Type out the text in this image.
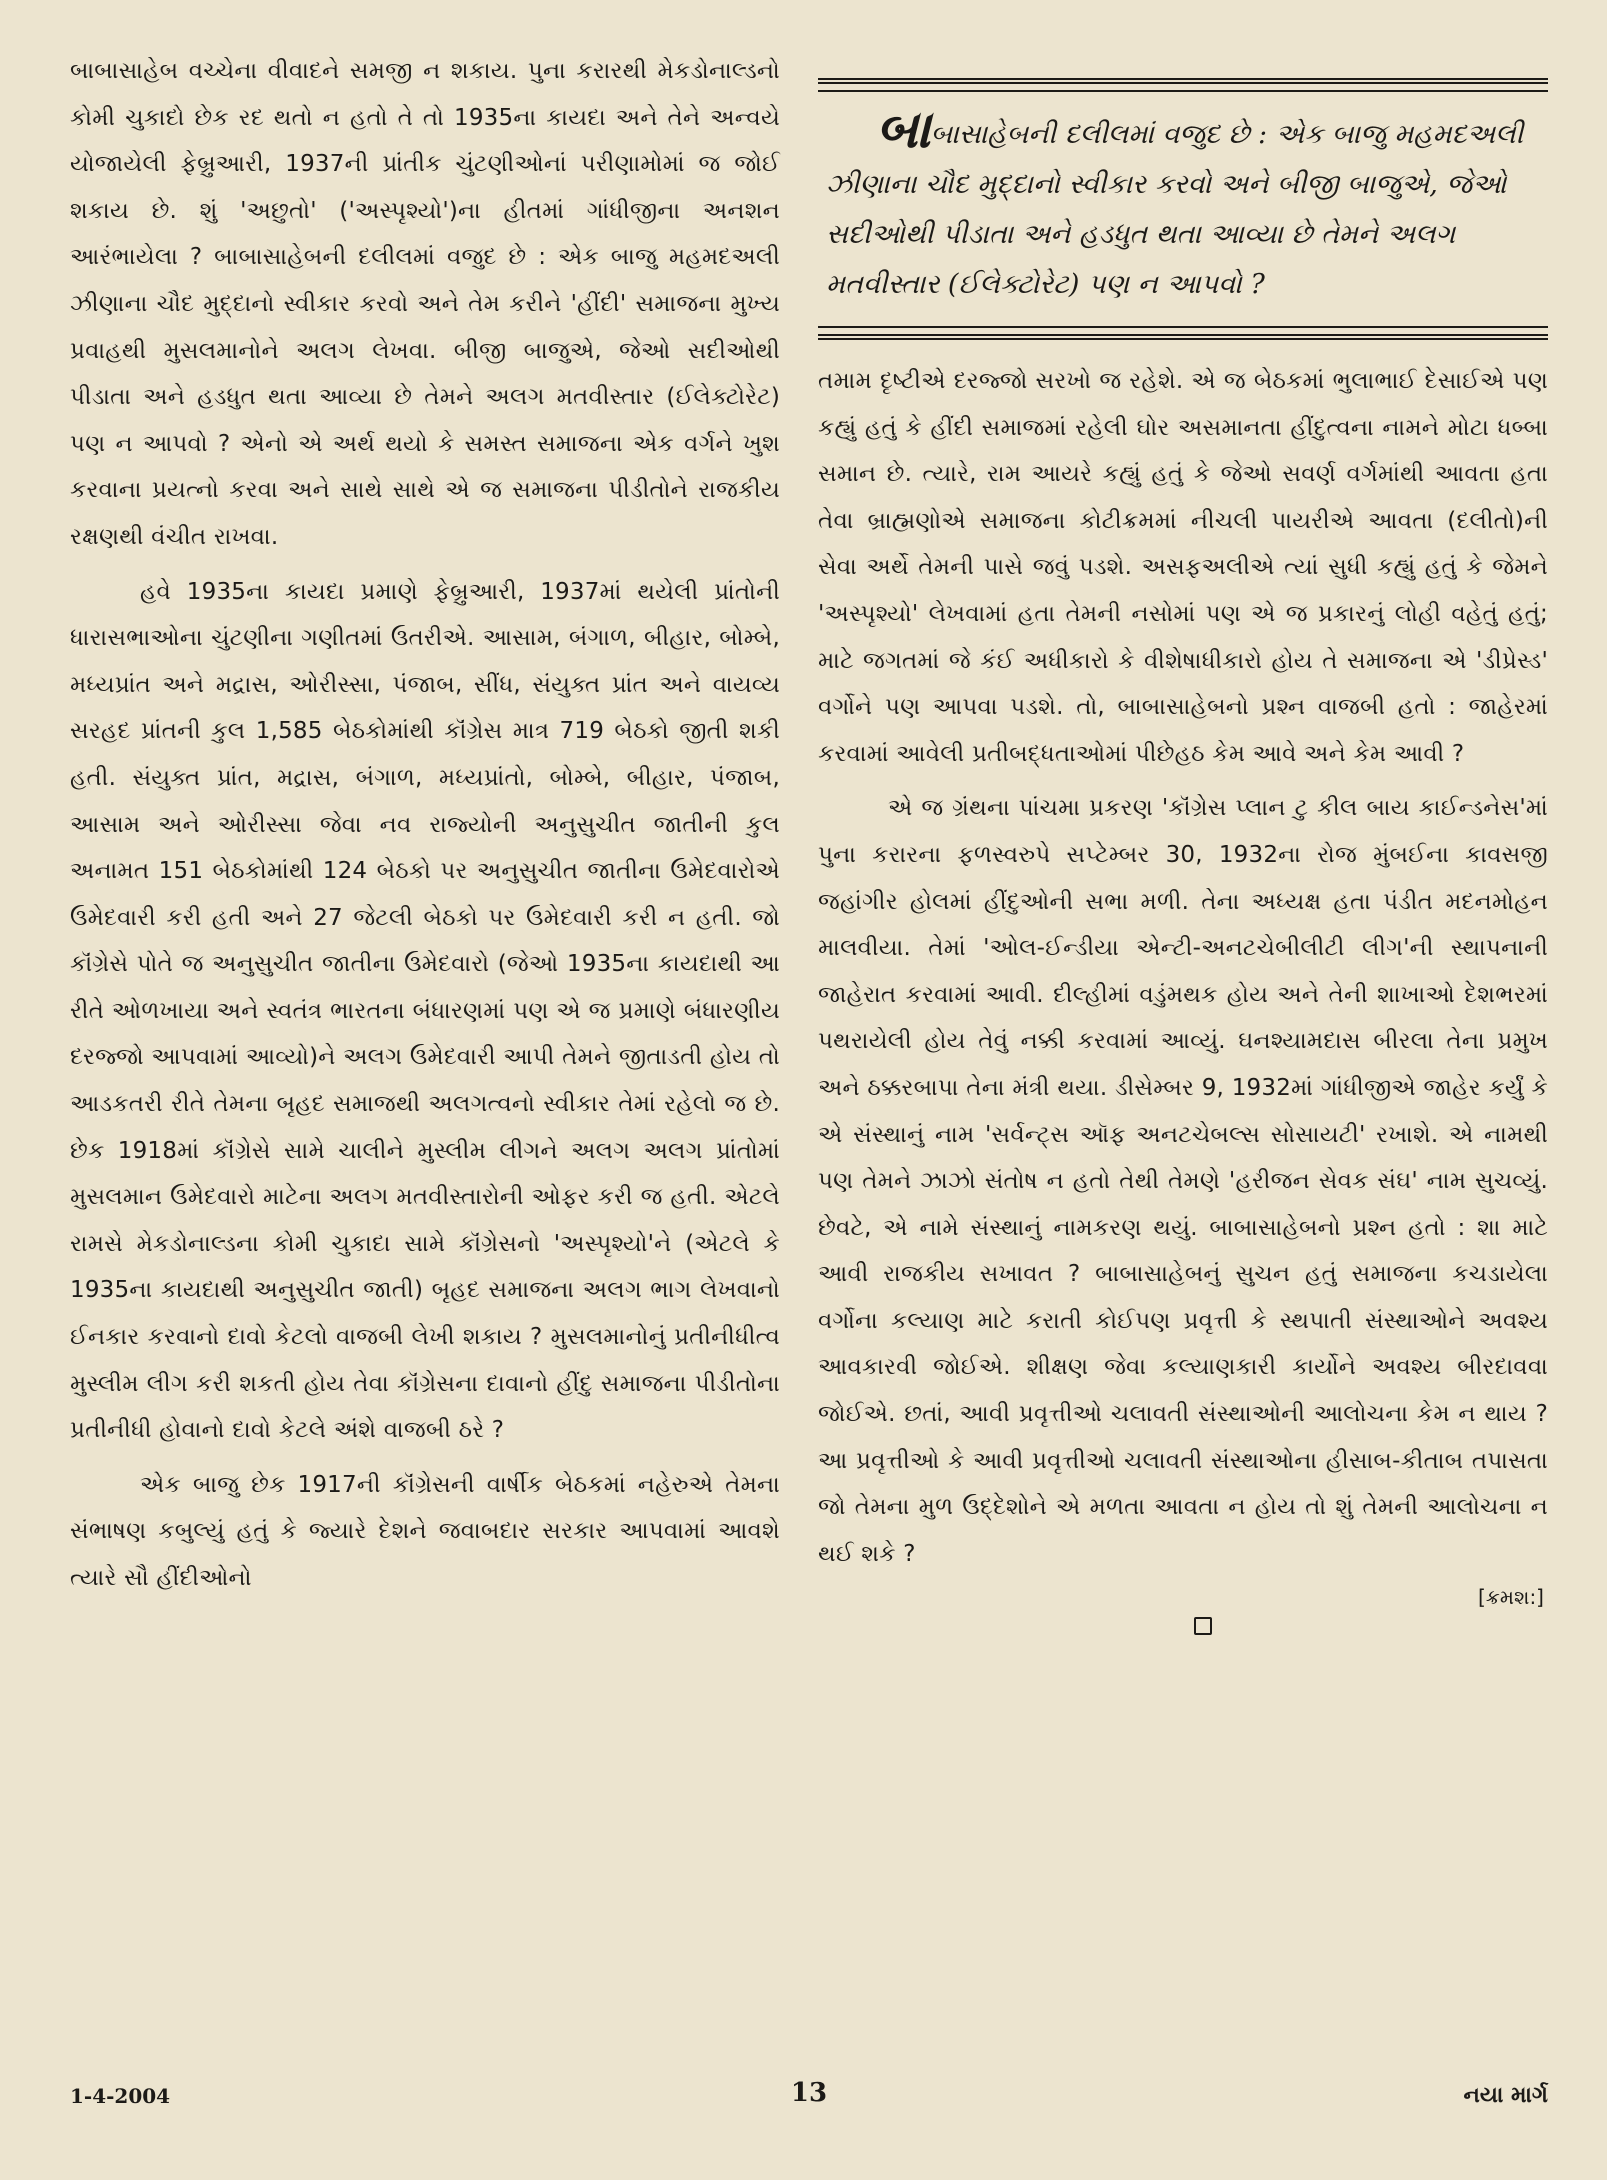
બાબાસાહેબ વચ્ચેના વીવાદને સમજી ન શકાય. પુના કરારથી મેકડોનાલ્ડનો કોમી ચુકાદો છેક રદ થતો ન હતો તે તો 1935ના કાયદા અને તેને અન્વયે યોજાયેલી ફેબ્રુઆરી, 1937ની પ્રાંતીક ચુંટણીઓનાં પરીણામોમાં જ જોઈ શકાય છે. શું 'અછુતો' ('અસ્પૃશ્યો')ના હીતમાં ગાંધીજીના અનશન આરંભાયેલા ? બાબાસાહેબની દલીલમાં વજુદ છે : એક બાજુ મહમદઅલી ઝીણાના ચૌદ મુદ્દાનો સ્વીકાર કરવો અને તેમ કરીને 'હીંદી' સમાજના મુખ્ય પ્રવાહથી મુસલમાનોને અલગ લેખવા. બીજી બાજુએ, જેઓ સદીઓથી પીડાતા અને હડધુત થતા આવ્યા છે તેમને અલગ મતવીસ્તાર (ઈલેક્ટોરેટ) પણ ન આપવો ? એનો એ અર્થ થયો કે સમસ્ત સમાજના એક વર્ગને ખુશ કરવાના પ્રયત્નો કરવા અને સાથે સાથે એ જ સમાજના પીડીતોને રાજકીય રક્ષણથી વંચીત રાખવા.

હવે 1935ના કાયદા પ્રમાણે ફેબ્રુઆરી, 1937માં થયેલી પ્રાંતોની ધારાસભાઓના ચુંટણીના ગણીતમાં ઉતરીએ. આસામ, બંગાળ, બીહાર, બોમ્બે, મધ્યપ્રાંત અને મદ્રાસ, ઓરીસ્સા, પંજાબ, સીંધ, સંયુક્ત પ્રાંત અને વાયવ્ય સરહદ પ્રાંતની કુલ 1,585 બેઠકોમાંથી કૉંગ્રેસ માત્ર 719 બેઠકો જીતી શકી હતી. સંયુક્ત પ્રાંત, મદ્રાસ, બંગાળ, મધ્યપ્રાંતો, બોમ્બે, બીહાર, પંજાબ, આસામ અને ઓરીસ્સા જેવા નવ રાજ્યોની અનુસુચીત જાતીની કુલ અનામત 151 બેઠકોમાંથી 124 બેઠકો પર અનુસુચીત જાતીના ઉમેદવારોએ ઉમેદવારી કરી હતી અને 27 જેટલી બેઠકો પર ઉમેદવારી કરી ન હતી. જો કૉંગ્રેસે પોતે જ અનુસુચીત જાતીના ઉમેદવારો (જેઓ 1935ના કાયદાથી આ રીતે ઓળખાયા અને સ્વતંત્ર ભારતના બંધારણમાં પણ એ જ પ્રમાણે બંધારણીય દરજ્જો આપવામાં આવ્યો)ને અલગ ઉમેદવારી આપી તેમને જીતાડતી હોય તો આડકતરી રીતે તેમના બૃહદ સમાજથી અલગત્વનો સ્વીકાર તેમાં રહેલો જ છે. છેક 1918માં કૉંગ્રેસે સામે ચાલીને મુસ્લીમ લીગને અલગ અલગ પ્રાંતોમાં મુસલમાન ઉમેદવારો માટેના અલગ મતવીસ્તારોની ઓફર કરી જ હતી. એટલે રામસે મેકડોનાલ્ડના કોમી ચુકાદા સામે કૉંગ્રેસનો 'અસ્પૃશ્યો'ને (એટલે કે 1935ના કાયદાથી અનુસુચીત જાતી) બૃહદ સમાજના અલગ ભાગ લેખવાનો ઈનકાર કરવાનો દાવો કેટલો વાજબી લેખી શકાય ? મુસલમાનોનું પ્રતીનીધીત્વ મુસ્લીમ લીગ કરી શકતી હોય તેવા કૉંગ્રેસના દાવાનો હીંદુ સમાજના પીડીતોના પ્રતીનીધી હોવાનો દાવો કેટલે અંશે વાજબી ઠરે ?

એક બાજુ છેક 1917ની કૉંગ્રેસની વાર્ષીક બેઠકમાં નહેરુએ તેમના સંભાષણ કબુલ્યું હતું કે જ્યારે દેશને જવાબદાર સરકાર આપવામાં આવશે ત્યારે સૌ હીંદીઓનો

બાબાસાહેબની દલીલમાં વજુદ છે : એક બાજુ મહમદઅલી ઝીણાના ચૌદ મુદ્દાનો સ્વીકાર કરવો અને બીજી બાજુએ, જેઓ સદીઓથી પીડાતા અને હડધુત થતા આવ્યા છે તેમને અલગ મતવીસ્તાર (ઈલેક્ટોરેટ) પણ ન આપવો ?

તમામ દૃષ્ટીએ દરજ્જો સરખો જ રહેશે. એ જ બેઠકમાં ભુલાભાઈ દેસાઈએ પણ કહ્યું હતું કે હીંદી સમાજમાં રહેલી ઘોર અસમાનતા હીંદુત્વના નામને મોટા ધબ્બા સમાન છે. ત્યારે, રામ આયરે કહ્યું હતું કે જેઓ સવર્ણ વર્ગમાંથી આવતા હતા તેવા બ્રાહ્મણોએ સમાજના કોટીક્રમમાં નીચલી પાયરીએ આવતા (દલીતો)ની સેવા અર્થે તેમની પાસે જવું પડશે. અસફઅલીએ ત્યાં સુધી કહ્યું હતું કે જેમને 'અસ્પૃશ્યો' લેખવામાં હતા તેમની નસોમાં પણ એ જ પ્રકારનું લોહી વહેતું હતું; માટે જગતમાં જે કંઈ અધીકારો કે વીશેષાધીકારો હોય તે સમાજના એ 'ડીપ્રેસ્ડ' વર્ગોને પણ આપવા પડશે. તો, બાબાસાહેબનો પ્રશ્ન વાજબી હતો : જાહેરમાં કરવામાં આવેલી પ્રતીબદ્ધતાઓમાં પીછેહઠ કેમ આવે અને કેમ આવી ?

એ જ ગ્રંથના પાંચમા પ્રકરણ 'કૉંગ્રેસ પ્લાન ટુ કીલ બાય કાઈન્ડનેસ'માં પુના કરારના ફળસ્વરુપે સપ્ટેમ્બર 30, 1932ના રોજ મુંબઈના કાવસજી જહાંગીર હોલમાં હીંદુઓની સભા મળી. તેના અધ્યક્ષ હતા પંડીત મદનમોહન માલવીયા. તેમાં 'ઓલ-ઈન્ડીયા એન્ટી-અનટચેબીલીટી લીગ'ની સ્થાપનાની જાહેરાત કરવામાં આવી. દીલ્હીમાં વડુંમથક હોય અને તેની શાખાઓ દેશભરમાં પથરાયેલી હોય તેવું નક્કી કરવામાં આવ્યું. ઘનશ્યામદાસ બીરલા તેના પ્રમુખ અને ઠક્કરબાપા તેના મંત્રી થયા. ડીસેમ્બર 9, 1932માં ગાંધીજીએ જાહેર કર્યું કે એ સંસ્થાનું નામ 'સર્વન્ટ્સ ઑફ અનટચેબલ્સ સોસાયટી' રખાશે. એ નામથી પણ તેમને ઝાઝો સંતોષ ન હતો તેથી તેમણે 'હરીજન સેવક સંઘ' નામ સુચવ્યું. છેવટે, એ નામે સંસ્થાનું નામકરણ થયું. બાબાસાહેબનો પ્રશ્ન હતો : શા માટે આવી રાજકીય સખાવત ? બાબાસાહેબનું સુચન હતું સમાજના કચડાયેલા વર્ગોના કલ્યાણ માટે કરાતી કોઈપણ પ્રવૃત્તી કે સ્થપાતી સંસ્થાઓને અવશ્ય આવકારવી જોઈએ. શીક્ષણ જેવા કલ્યાણકારી કાર્યોને અવશ્ય બીરદાવવા જોઈએ. છતાં, આવી પ્રવૃત્તીઓ ચલાવતી સંસ્થાઓની આલોચના કેમ ન થાય ? આ પ્રવૃત્તીઓ કે આવી પ્રવૃત્તીઓ ચલાવતી સંસ્થાઓના હીસાબ-કીતાબ તપાસતા જો તેમના મુળ ઉદ્દેશોને એ મળતા આવતા ન હોય તો શું તેમની આલોચના ન થઈ શકે ?

[ક્રમશ:]
1-4-2004	13	નયા માર્ગ
